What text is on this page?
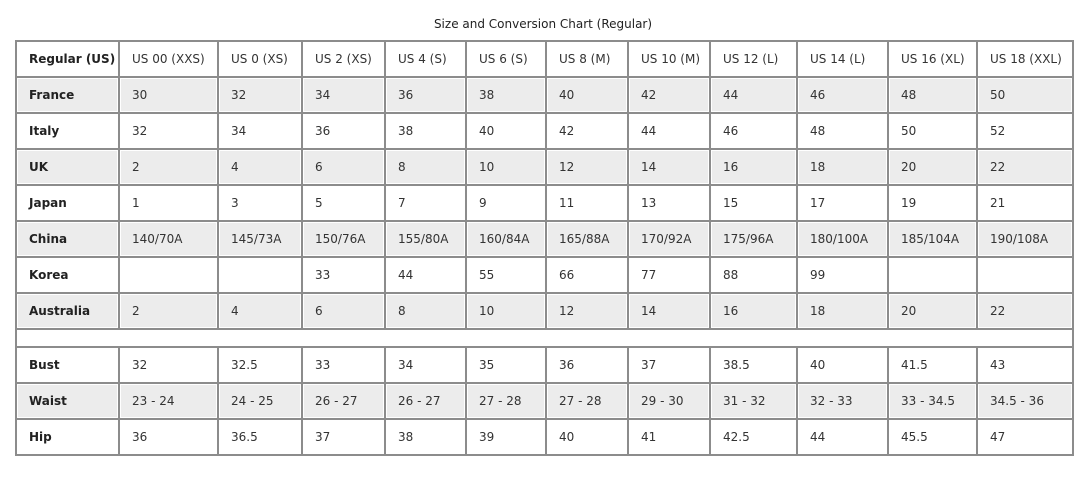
Size and Conversion Chart (Regular)
Regular (US)	US 00 (XXS)	US 0 (XS)	US 2 (XS)	US 4 (S)	US 6 (S)	US 8 (M)	US 10 (M)	US 12 (L)	US 14 (L)	US 16 (XL)	US 18 (XXL)
France	30	32	34	36	38	40	42	44	46	48	50
Italy	32	34	36	38	40	42	44	46	48	50	52
UK	2	4	6	8	10	12	14	16	18	20	22
Japan	1	3	5	7	9	11	13	15	17	19	21
China	140/70A	145/73A	150/76A	155/80A	160/84A	165/88A	170/92A	175/96A	180/100A	185/104A	190/108A
Korea			33	44	55	66	77	88	99		
Australia	2	4	6	8	10	12	14	16	18	20	22

Bust	32	32.5	33	34	35	36	37	38.5	40	41.5	43
Waist	23 - 24	24 - 25	26 - 27	26 - 27	27 - 28	27 - 28	29 - 30	31 - 32	32 - 33	33 - 34.5	34.5 - 36
Hip	36	36.5	37	38	39	40	41	42.5	44	45.5	47
